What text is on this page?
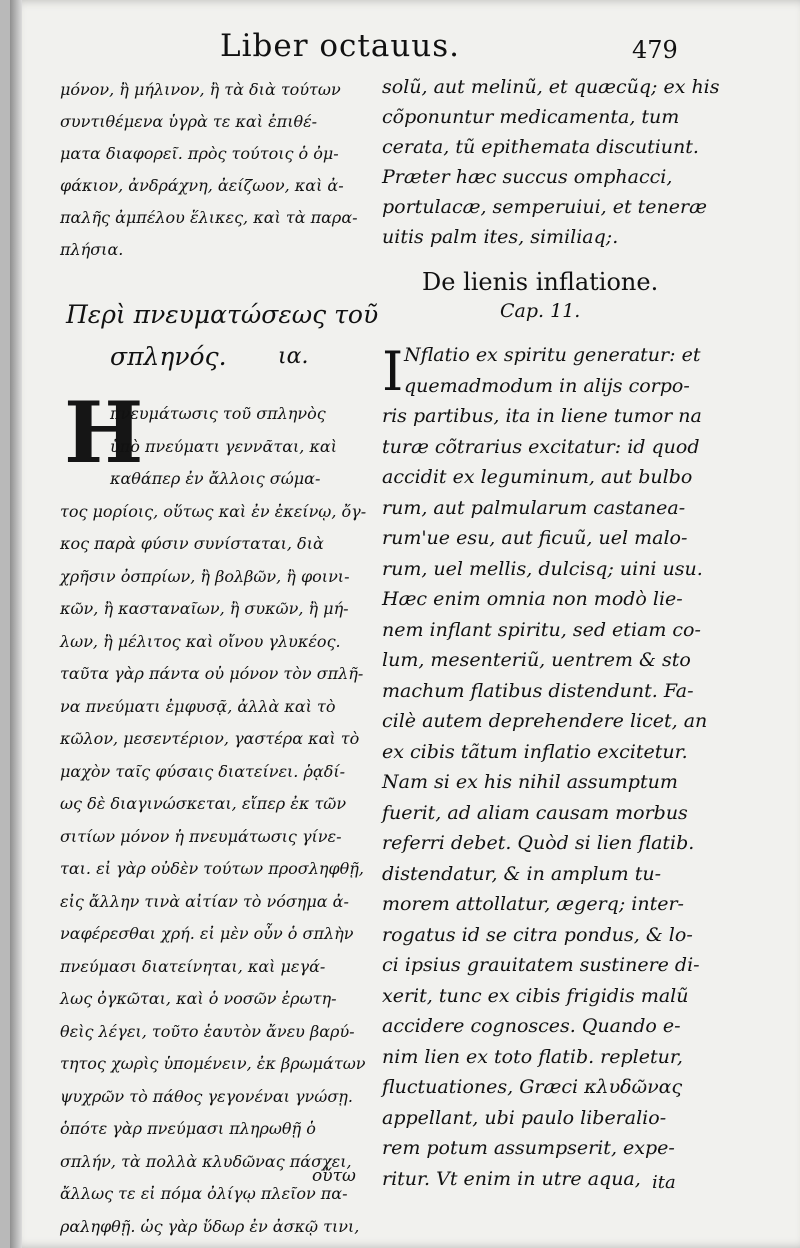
Liber octauus.	479
μόνον, ἢ μήλινον, ἢ τὰ διὰ τούτων
συντιθέμενα ὑγρὰ τε καὶ ἐπιθέ-
ματα διαφορεῖ. πρὸς τούτοις ὁ ὀμ-
φάκιον, ἀνδράχνη, ἀείζωον, καὶ ἀ-
παλῆς ἀμπέλου ἕλικες, καὶ τὰ παρα-
πλήσια.
Περὶ πνευματώσεως τοῦ
σπληνός. ια.
H
πνευμάτωσις τοῦ σπληνὸς
ὑπὸ πνεύματι γεννᾶται, καὶ
καθάπερ ἐν ἄλλοις σώμα-
τος μορίοις, οὕτως καὶ ἐν ἐκείνῳ, ὄγ-
κος παρὰ φύσιν συνίσταται, διὰ
χρῆσιν ὀσπρίων, ἢ βολβῶν, ἢ φοινι-
κῶν, ἢ κασταναῖων, ἢ συκῶν, ἢ μή-
λων, ἢ μέλιτος καὶ οἴνου γλυκέος.
ταῦτα γὰρ πάντα οὐ μόνον τὸν σπλῆ-
να πνεύματι ἐμφυσᾷ, ἀλλὰ καὶ τὸ
κῶλον, μεσεντέριον, γαστέρα καὶ τὸ
μαχὸν ταῖς φύσαις διατείνει. ῥᾳδί-
ως δὲ διαγινώσκεται, εἴπερ ἐκ τῶν
σιτίων μόνον ἡ πνευμάτωσις γίνε-
ται. εἰ γὰρ οὐδὲν τούτων προσληφθῇ,
εἰς ἄλλην τινὰ αἰτίαν τὸ νόσημα ἀ-
ναφέρεσθαι χρή. εἰ μὲν οὖν ὁ σπλὴν
πνεύμασι διατείνηται, καὶ μεγά-
λως ὀγκῶται, καὶ ὁ νοσῶν ἐρωτη-
θεὶς λέγει, τοῦτο ἑαυτὸν ἄνευ βαρύ-
τητος χωρὶς ὑπομένειν, ἐκ βρωμάτων
ψυχρῶν τὸ πάθος γεγονέναι γνώσῃ.
ὁπότε γὰρ πνεύμασι πληρωθῇ ὁ
σπλήν, τὰ πολλὰ κλυδῶνας πάσχει,
ἄλλως τε εἰ πόμα ὀλίγῳ πλεῖον πα-
ραληφθῇ. ὡς γὰρ ὕδωρ ἐν ἀσκῷ τινι,
οὕτω
solũ, aut melinũ, et quæcũq; ex his
cõponuntur medicamenta, tum
cerata, tũ epithemata discutiunt.
Præter hæc succus omphacci,
portulacæ, semperuiui, et teneræ
uitis palm ites, similiaq;.
De lienis inflatione.
Cap. 11.
I Nflatio ex spiritu generatur: et
quemadmodum in alijs corpo-
ris partibus, ita in liene tumor na
turæ cõtrarius excitatur: id quod
accidit ex leguminum, aut bulbo
rum, aut palmularum castanea-
rum'ue esu, aut ficuũ, uel malo-
rum, uel mellis, dulcisq; uini usu.
Hæc enim omnia non modò lie-
nem inflant spiritu, sed etiam co-
lum, mesenteriũ, uentrem & sto
machum flatibus distendunt. Fa-
cilè autem deprehendere licet, an
ex cibis tãtum inflatio excitetur.
Nam si ex his nihil assumptum
fuerit, ad aliam causam morbus
referri debet. Quòd si lien flatib.
distendatur, & in amplum tu-
morem attollatur, ægerq; inter-
rogatus id se citra pondus, & lo-
ci ipsius grauitatem sustinere di-
xerit, tunc ex cibis frigidis malũ
accidere cognosces. Quando e-
nim lien ex toto flatib. repletur,
fluctuationes, Græci κλυδῶνας
appellant, ubi paulo liberalio-
rem potum assumpserit, expe-
ritur. Vt enim in utre aqua, ita
